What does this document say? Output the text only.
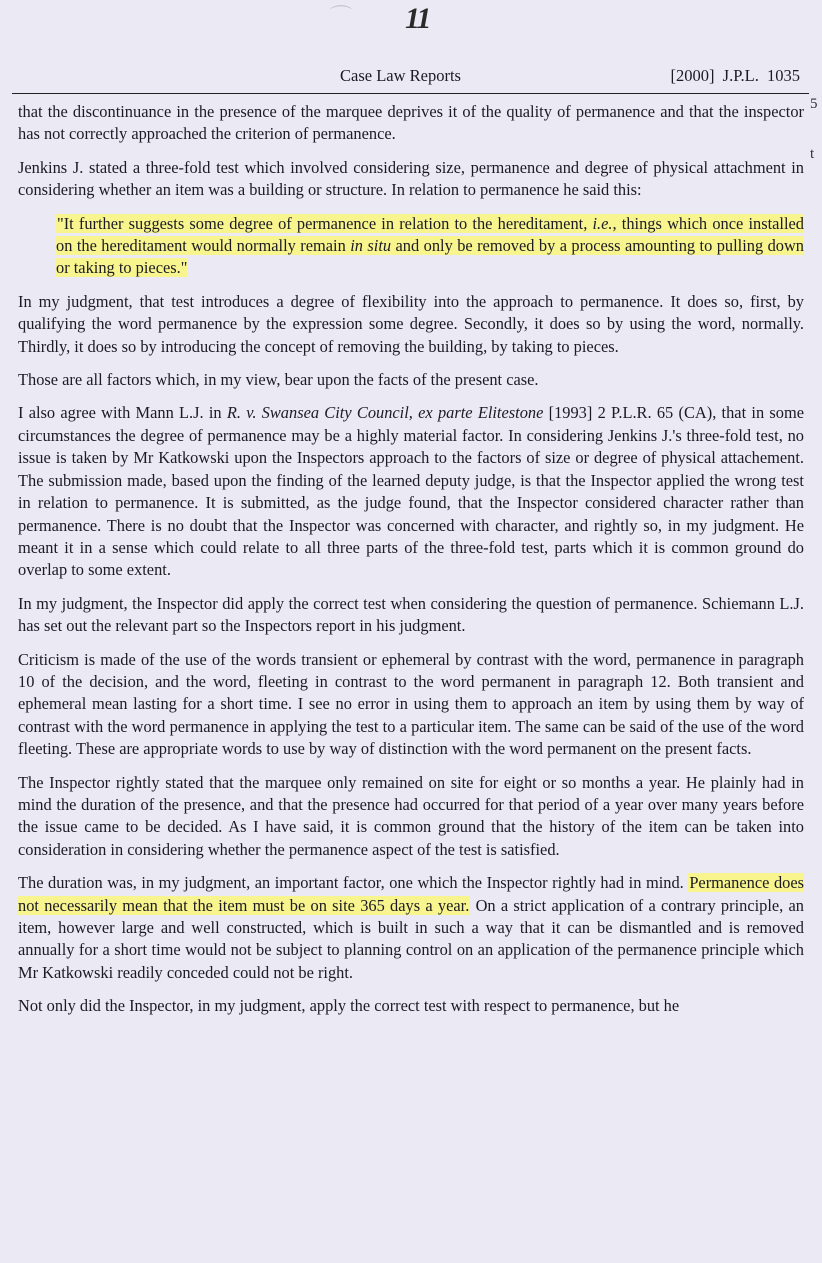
⌒ 11
Case Law Reports	[2000] J.P.L. 1035
5
t

that the discontinuance in the presence of the marquee deprives it of the quality of permanence and that the inspector has not correctly approached the criterion of permanence.

Jenkins J. stated a three-fold test which involved considering size, permanence and degree of physical attachment in considering whether an item was a building or structure. In relation to permanence he said this:

"It further suggests some degree of permanence in relation to the hereditament, i.e., things which once installed on the hereditament would normally remain in situ and only be removed by a process amounting to pulling down or taking to pieces."

In my judgment, that test introduces a degree of flexibility into the approach to permanence. It does so, first, by qualifying the word permanence by the expression some degree. Secondly, it does so by using the word, normally. Thirdly, it does so by introducing the concept of removing the building, by taking to pieces.

Those are all factors which, in my view, bear upon the facts of the present case.

I also agree with Mann L.J. in R. v. Swansea City Council, ex parte Elitestone [1993] 2 P.L.R. 65 (CA), that in some circumstances the degree of permanence may be a highly material factor. In considering Jenkins J.'s three-fold test, no issue is taken by Mr Katkowski upon the Inspectors approach to the factors of size or degree of physical attachement. The submission made, based upon the finding of the learned deputy judge, is that the Inspector applied the wrong test in relation to permanence. It is submitted, as the judge found, that the Inspector considered character rather than permanence. There is no doubt that the Inspector was concerned with character, and rightly so, in my judgment. He meant it in a sense which could relate to all three parts of the three-fold test, parts which it is common ground do overlap to some extent.

In my judgment, the Inspector did apply the correct test when considering the question of permanence. Schiemann L.J. has set out the relevant part so the Inspectors report in his judgment.

Criticism is made of the use of the words transient or ephemeral by contrast with the word, permanence in paragraph 10 of the decision, and the word, fleeting in contrast to the word permanent in paragraph 12. Both transient and ephemeral mean lasting for a short time. I see no error in using them to approach an item by using them by way of contrast with the word permanence in applying the test to a particular item. The same can be said of the use of the word fleeting. These are appropriate words to use by way of distinction with the word permanent on the present facts.

The Inspector rightly stated that the marquee only remained on site for eight or so months a year. He plainly had in mind the duration of the presence, and that the presence had occurred for that period of a year over many years before the issue came to be decided. As I have said, it is common ground that the history of the item can be taken into consideration in considering whether the permanence aspect of the test is satisfied.

The duration was, in my judgment, an important factor, one which the Inspector rightly had in mind. Permanence does not necessarily mean that the item must be on site 365 days a year. On a strict application of a contrary principle, an item, however large and well constructed, which is built in such a way that it can be dismantled and is removed annually for a short time would not be subject to planning control on an application of the permanence principle which Mr Katkowski readily conceded could not be right.

Not only did the Inspector, in my judgment, apply the correct test with respect to permanence, but he
